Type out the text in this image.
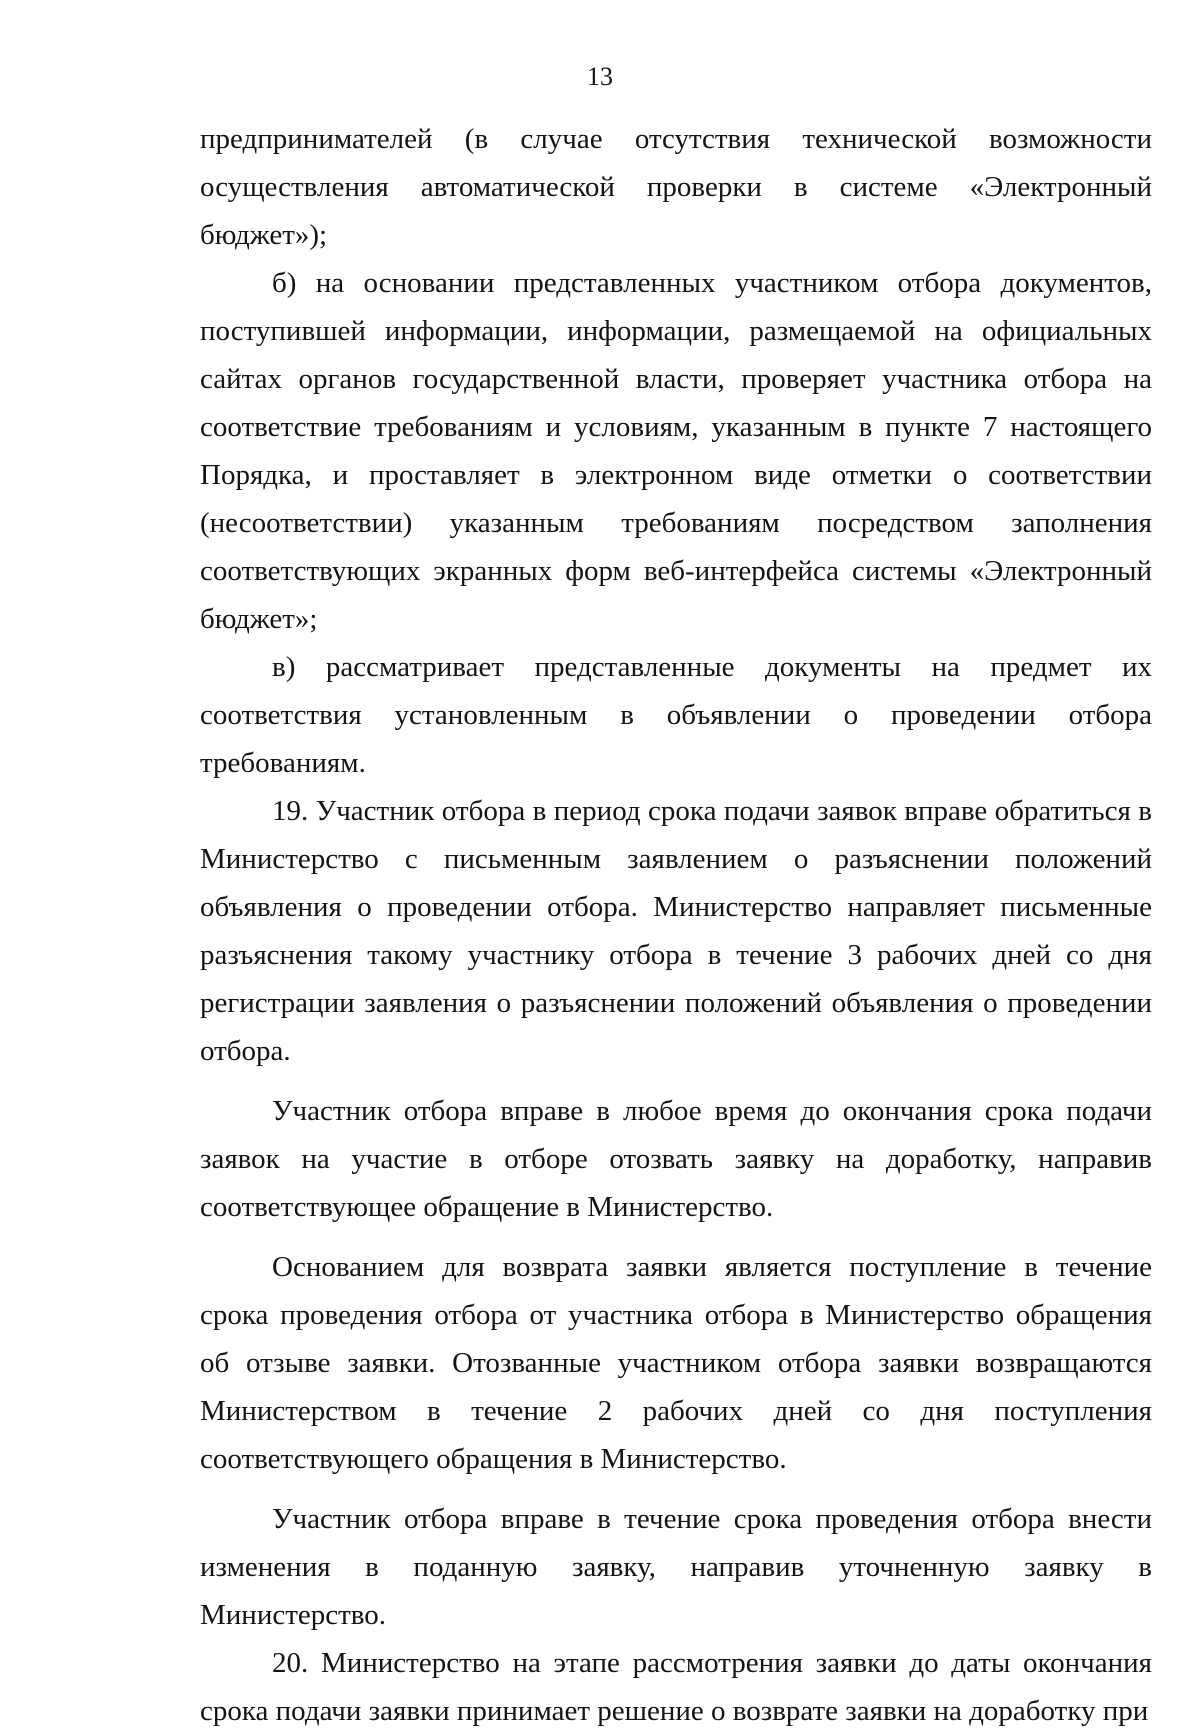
13

предпринимателей (в случае отсутствия технической возможности осуществления автоматической проверки в системе «Электронный бюджет»);

б) на основании представленных участником отбора документов, поступившей информации, информации, размещаемой на официальных сайтах органов государственной власти, проверяет участника отбора на соответствие требованиям и условиям, указанным в пункте 7 настоящего Порядка, и проставляет в электронном виде отметки о соответствии (несоответствии) указанным требованиям посредством заполнения соответствующих экранных форм веб-интерфейса системы «Электронный бюджет»;

в) рассматривает представленные документы на предмет их соответствия установленным в объявлении о проведении отбора требованиям.

19. Участник отбора в период срока подачи заявок вправе обратиться в Министерство с письменным заявлением о разъяснении положений объявления о проведении отбора. Министерство направляет письменные разъяснения такому участнику отбора в течение 3 рабочих дней со дня регистрации заявления о разъяснении положений объявления о проведении отбора.

Участник отбора вправе в любое время до окончания срока подачи заявок на участие в отборе отозвать заявку на доработку, направив соответствующее обращение в Министерство.

Основанием для возврата заявки является поступление в течение срока проведения отбора от участника отбора в Министерство обращения об отзыве заявки. Отозванные участником отбора заявки возвращаются Министерством в течение 2 рабочих дней со дня поступления соответствующего обращения в Министерство.

Участник отбора вправе в течение срока проведения отбора внести изменения в поданную заявку, направив уточненную заявку в Министерство.

20. Министерство на этапе рассмотрения заявки до даты окончания срока подачи заявки принимает решение о возврате заявки на доработку при
